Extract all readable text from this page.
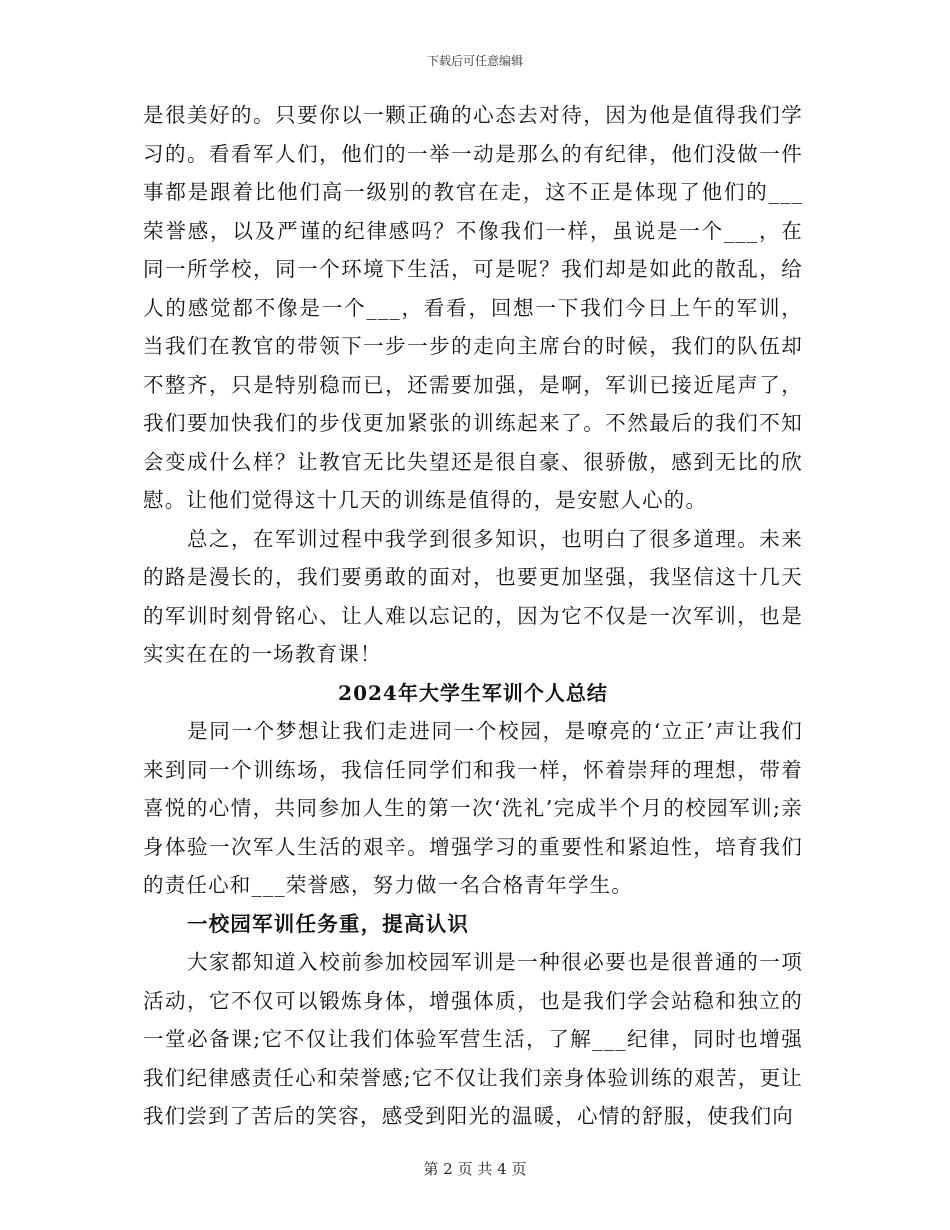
下载后可任意编辑

是很美好的。只要你以一颗正确的心态去对待，因为他是值得我们学习的。看看军人们，他们的一举一动是那么的有纪律，他们没做一件事都是跟着比他们高一级别的教官在走，这不正是体现了他们的___荣誉感，以及严谨的纪律感吗？不像我们一样，虽说是一个___，在同一所学校，同一个环境下生活，可是呢？我们却是如此的散乱，给人的感觉都不像是一个___，看看，回想一下我们今日上午的军训，当我们在教官的带领下一步一步的走向主席台的时候，我们的队伍却不整齐，只是特别稳而已，还需要加强，是啊，军训已接近尾声了，我们要加快我们的步伐更加紧张的训练起来了。不然最后的我们不知会变成什么样？让教官无比失望还是很自豪、很骄傲，感到无比的欣慰。让他们觉得这十几天的训练是值得的，是安慰人心的。

总之，在军训过程中我学到很多知识，也明白了很多道理。未来的路是漫长的，我们要勇敢的面对，也要更加坚强，我坚信这十几天的军训时刻骨铭心、让人难以忘记的，因为它不仅是一次军训，也是实实在在的一场教育课！

2024年大学生军训个人总结

是同一个梦想让我们走进同一个校园，是嘹亮的‘立正’声让我们来到同一个训练场，我信任同学们和我一样，怀着崇拜的理想，带着喜悦的心情，共同参加人生的第一次‘洗礼’完成半个月的校园军训;亲身体验一次军人生活的艰辛。增强学习的重要性和紧迫性，培育我们的责任心和___荣誉感，努力做一名合格青年学生。

一校园军训任务重，提高认识

大家都知道入校前参加校园军训是一种很必要也是很普通的一项活动，它不仅可以锻炼身体，增强体质，也是我们学会站稳和独立的一堂必备课;它不仅让我们体验军营生活，了解___纪律，同时也增强我们纪律感责任心和荣誉感;它不仅让我们亲身体验训练的艰苦，更让我们尝到了苦后的笑容，感受到阳光的温暖，心情的舒服，使我们向

第 2 页 共 4 页
